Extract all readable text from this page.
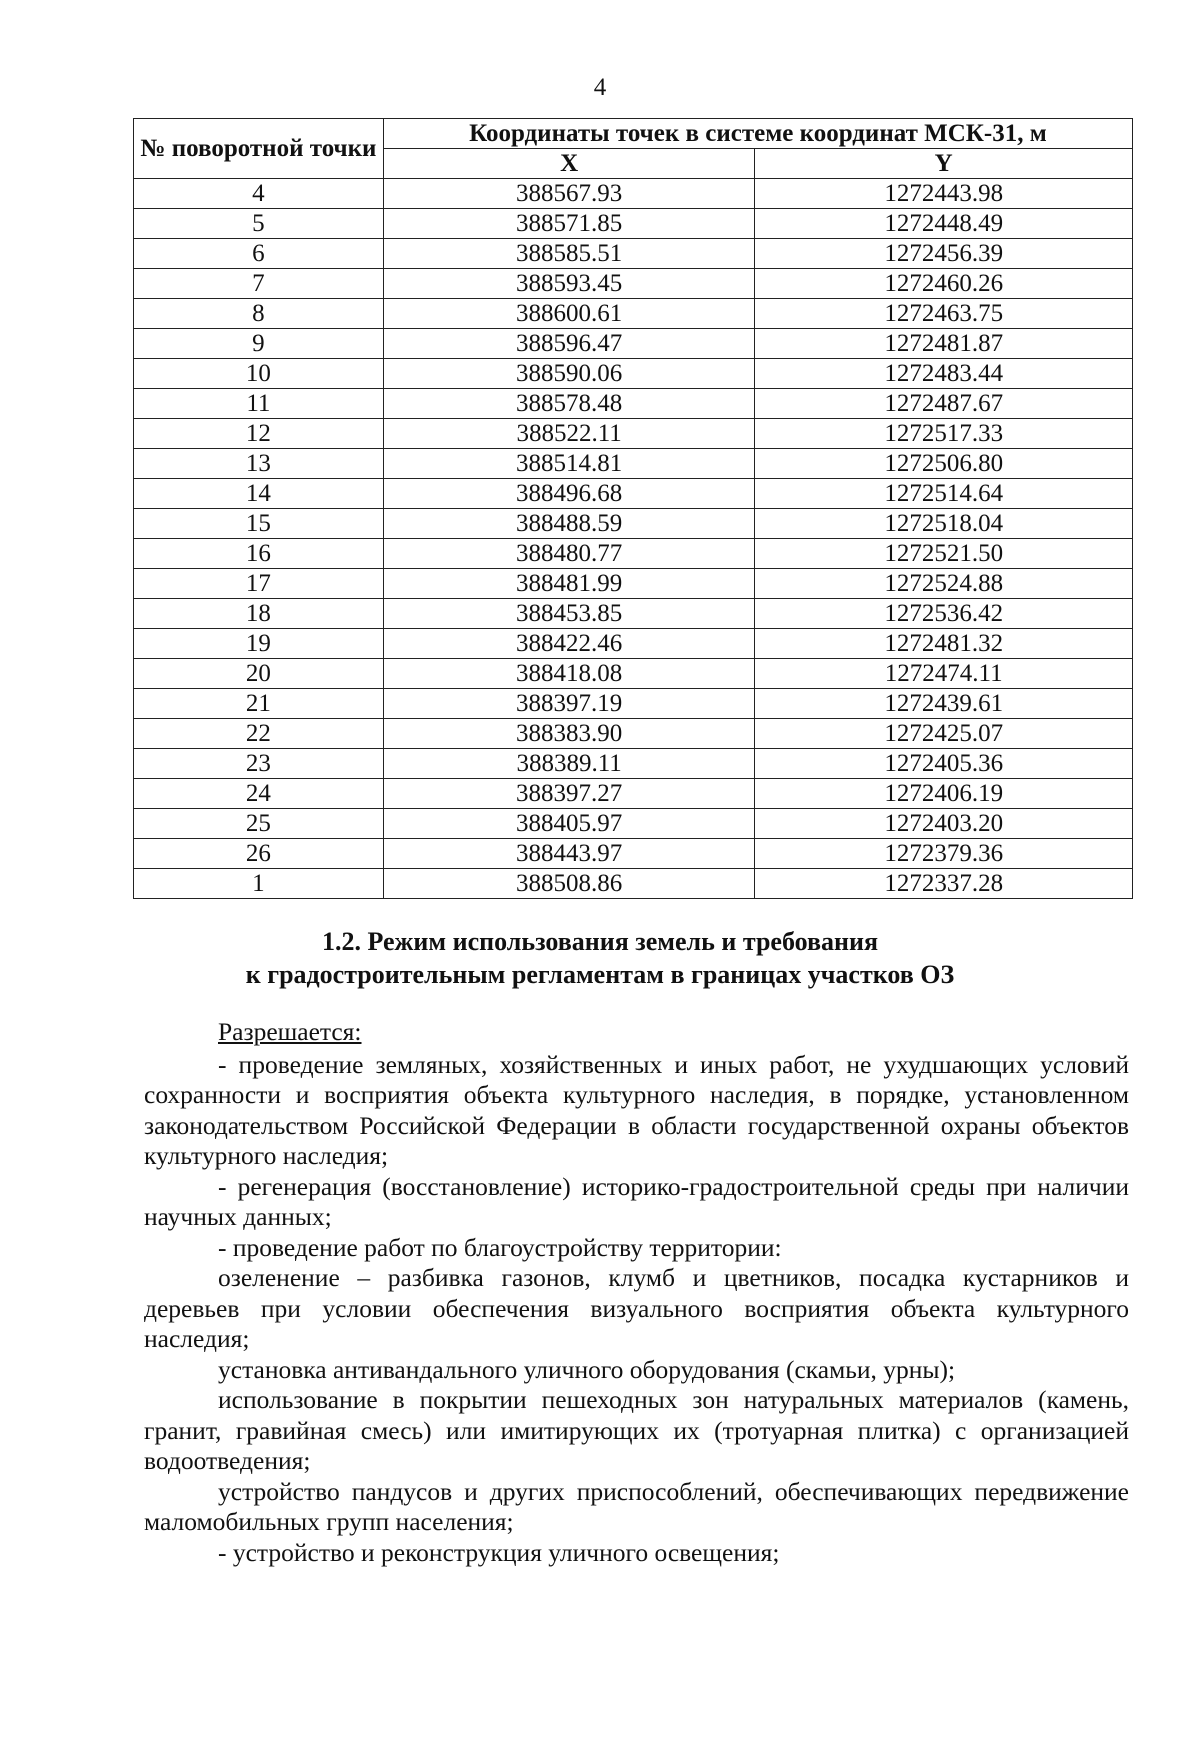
4
№ поворотной точки	Координаты точек в системе координат МСК-31, м	
	X	Y
4	388567.93	1272443.98
5	388571.85	1272448.49
6	388585.51	1272456.39
7	388593.45	1272460.26
8	388600.61	1272463.75
9	388596.47	1272481.87
10	388590.06	1272483.44
11	388578.48	1272487.67
12	388522.11	1272517.33
13	388514.81	1272506.80
14	388496.68	1272514.64
15	388488.59	1272518.04
16	388480.77	1272521.50
17	388481.99	1272524.88
18	388453.85	1272536.42
19	388422.46	1272481.32
20	388418.08	1272474.11
21	388397.19	1272439.61
22	388383.90	1272425.07
23	388389.11	1272405.36
24	388397.27	1272406.19
25	388405.97	1272403.20
26	388443.97	1272379.36
1	388508.86	1272337.28
1.2. Режим использования земель и требования
к градостроительным регламентам в границах участков ОЗ

Разрешается:

- проведение земляных, хозяйственных и иных работ, не ухудшающих условий сохранности и восприятия объекта культурного наследия, в порядке, установленном законодательством Российской Федерации в области государственной охраны объектов культурного наследия;

- регенерация (восстановление) историко-градостроительной среды при наличии научных данных;

- проведение работ по благоустройству территории:

озеленение – разбивка газонов, клумб и цветников, посадка кустарников и деревьев при условии обеспечения визуального восприятия объекта культурного наследия;

установка антивандального уличного оборудования (скамьи, урны);

использование в покрытии пешеходных зон натуральных материалов (камень, гранит, гравийная смесь) или имитирующих их (тротуарная плитка) с организацией водоотведения;

устройство пандусов и других приспособлений, обеспечивающих передвижение маломобильных групп населения;

- устройство и реконструкция уличного освещения;
